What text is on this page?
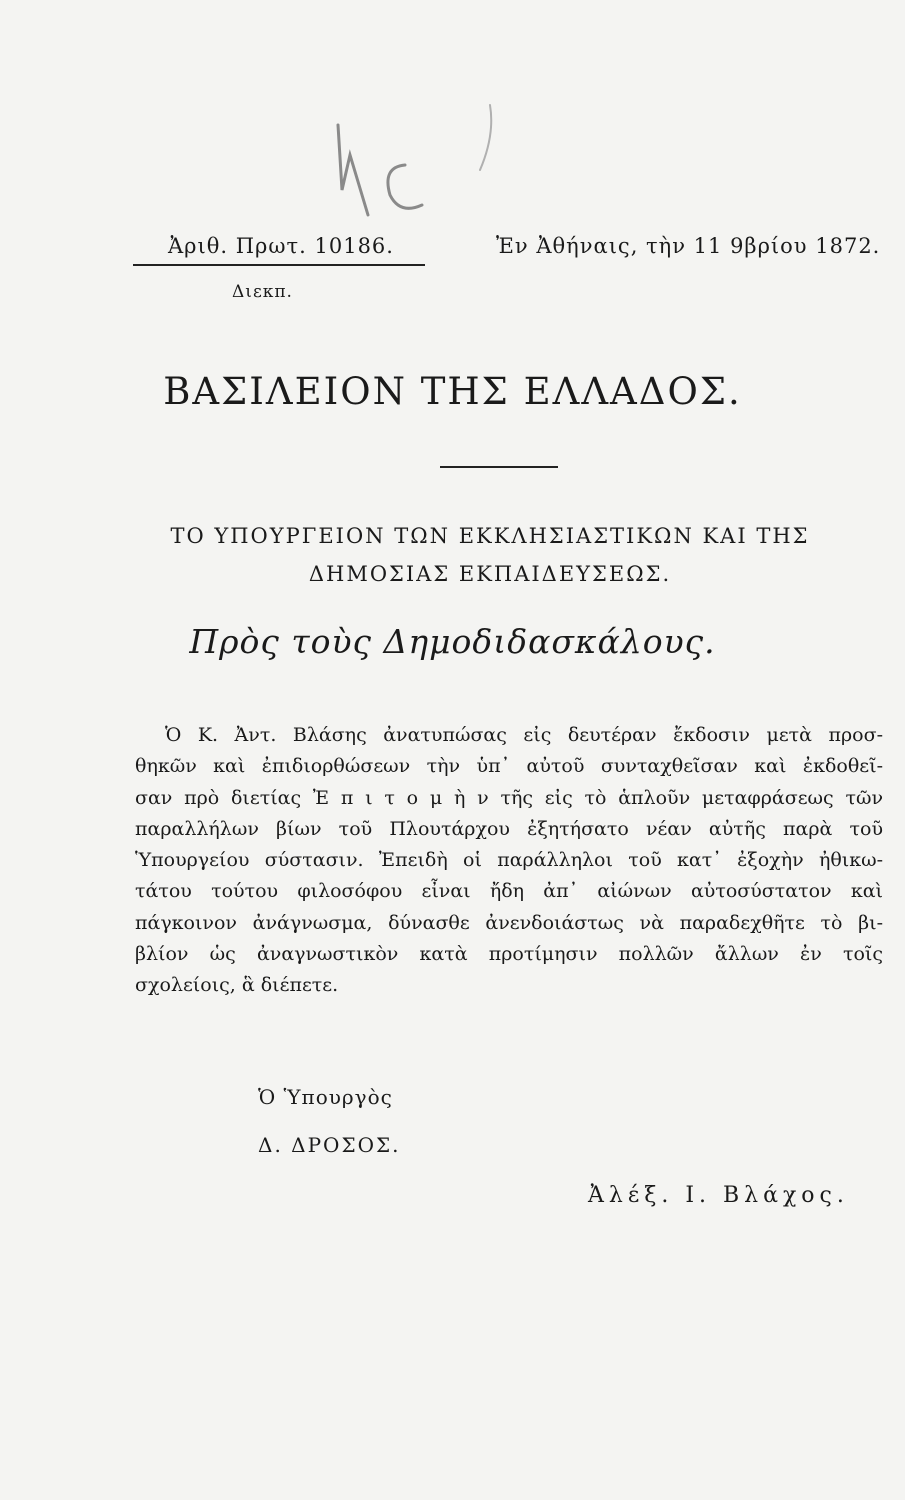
Ἀριθ. Πρωτ. 10186.	Ἐν Ἀθήναις, τὴν 11 9βρίου 1872.
Διεκπ.
ΒΑΣΙΛΕΙΟΝ ΤΗΣ ΕΛΛΑΔΟΣ.
ΤΟ ΥΠΟΥΡΓΕΙΟΝ ΤΩΝ ΕΚΚΛΗΣΙΑΣΤΙΚΩΝ ΚΑΙ ΤΗΣ
ΔΗΜΟΣΙΑΣ ΕΚΠΑΙΔΕΥΣΕΩΣ.
Πρὸς τοὺς Δημοδιδασκάλους.
Ὁ Κ. Ἀντ. Βλάσης ἀνατυπώσας εἰς δευτέραν ἔκδοσιν μετὰ προσ-
θηκῶν καὶ ἐπιδιορθώσεων τὴν ὑπ᾽ αὐτοῦ συνταχθεῖσαν καὶ ἐκδοθεῖ-
σαν πρὸ διετίας Ἐ π ι τ ο μ ὴ ν τῆς εἰς τὸ ἁπλοῦν μεταφράσεως τῶν
παραλλήλων βίων τοῦ Πλουτάρχου ἐξητήσατο νέαν αὐτῆς παρὰ τοῦ
Ὑπουργείου σύστασιν. Ἐπειδὴ οἱ παράλληλοι τοῦ κατ᾽ ἐξοχὴν ἠθικω-
τάτου τούτου φιλοσόφου εἶναι ἤδη ἀπ᾽ αἰώνων αὐτοσύστατον καὶ
πάγκοινον ἀνάγνωσμα, δύνασθε ἀνενδοιάστως νὰ παραδεχθῆτε τὸ βι-
βλίον ὡς ἀναγνωστικὸν κατὰ προτίμησιν πολλῶν ἄλλων ἐν τοῖς
σχολείοις, ἃ διέπετε.
Ὁ Ὑπουργὸς
Δ. ΔΡΟΣΟΣ.
Ἀλέξ. Ι. Βλάχος.
